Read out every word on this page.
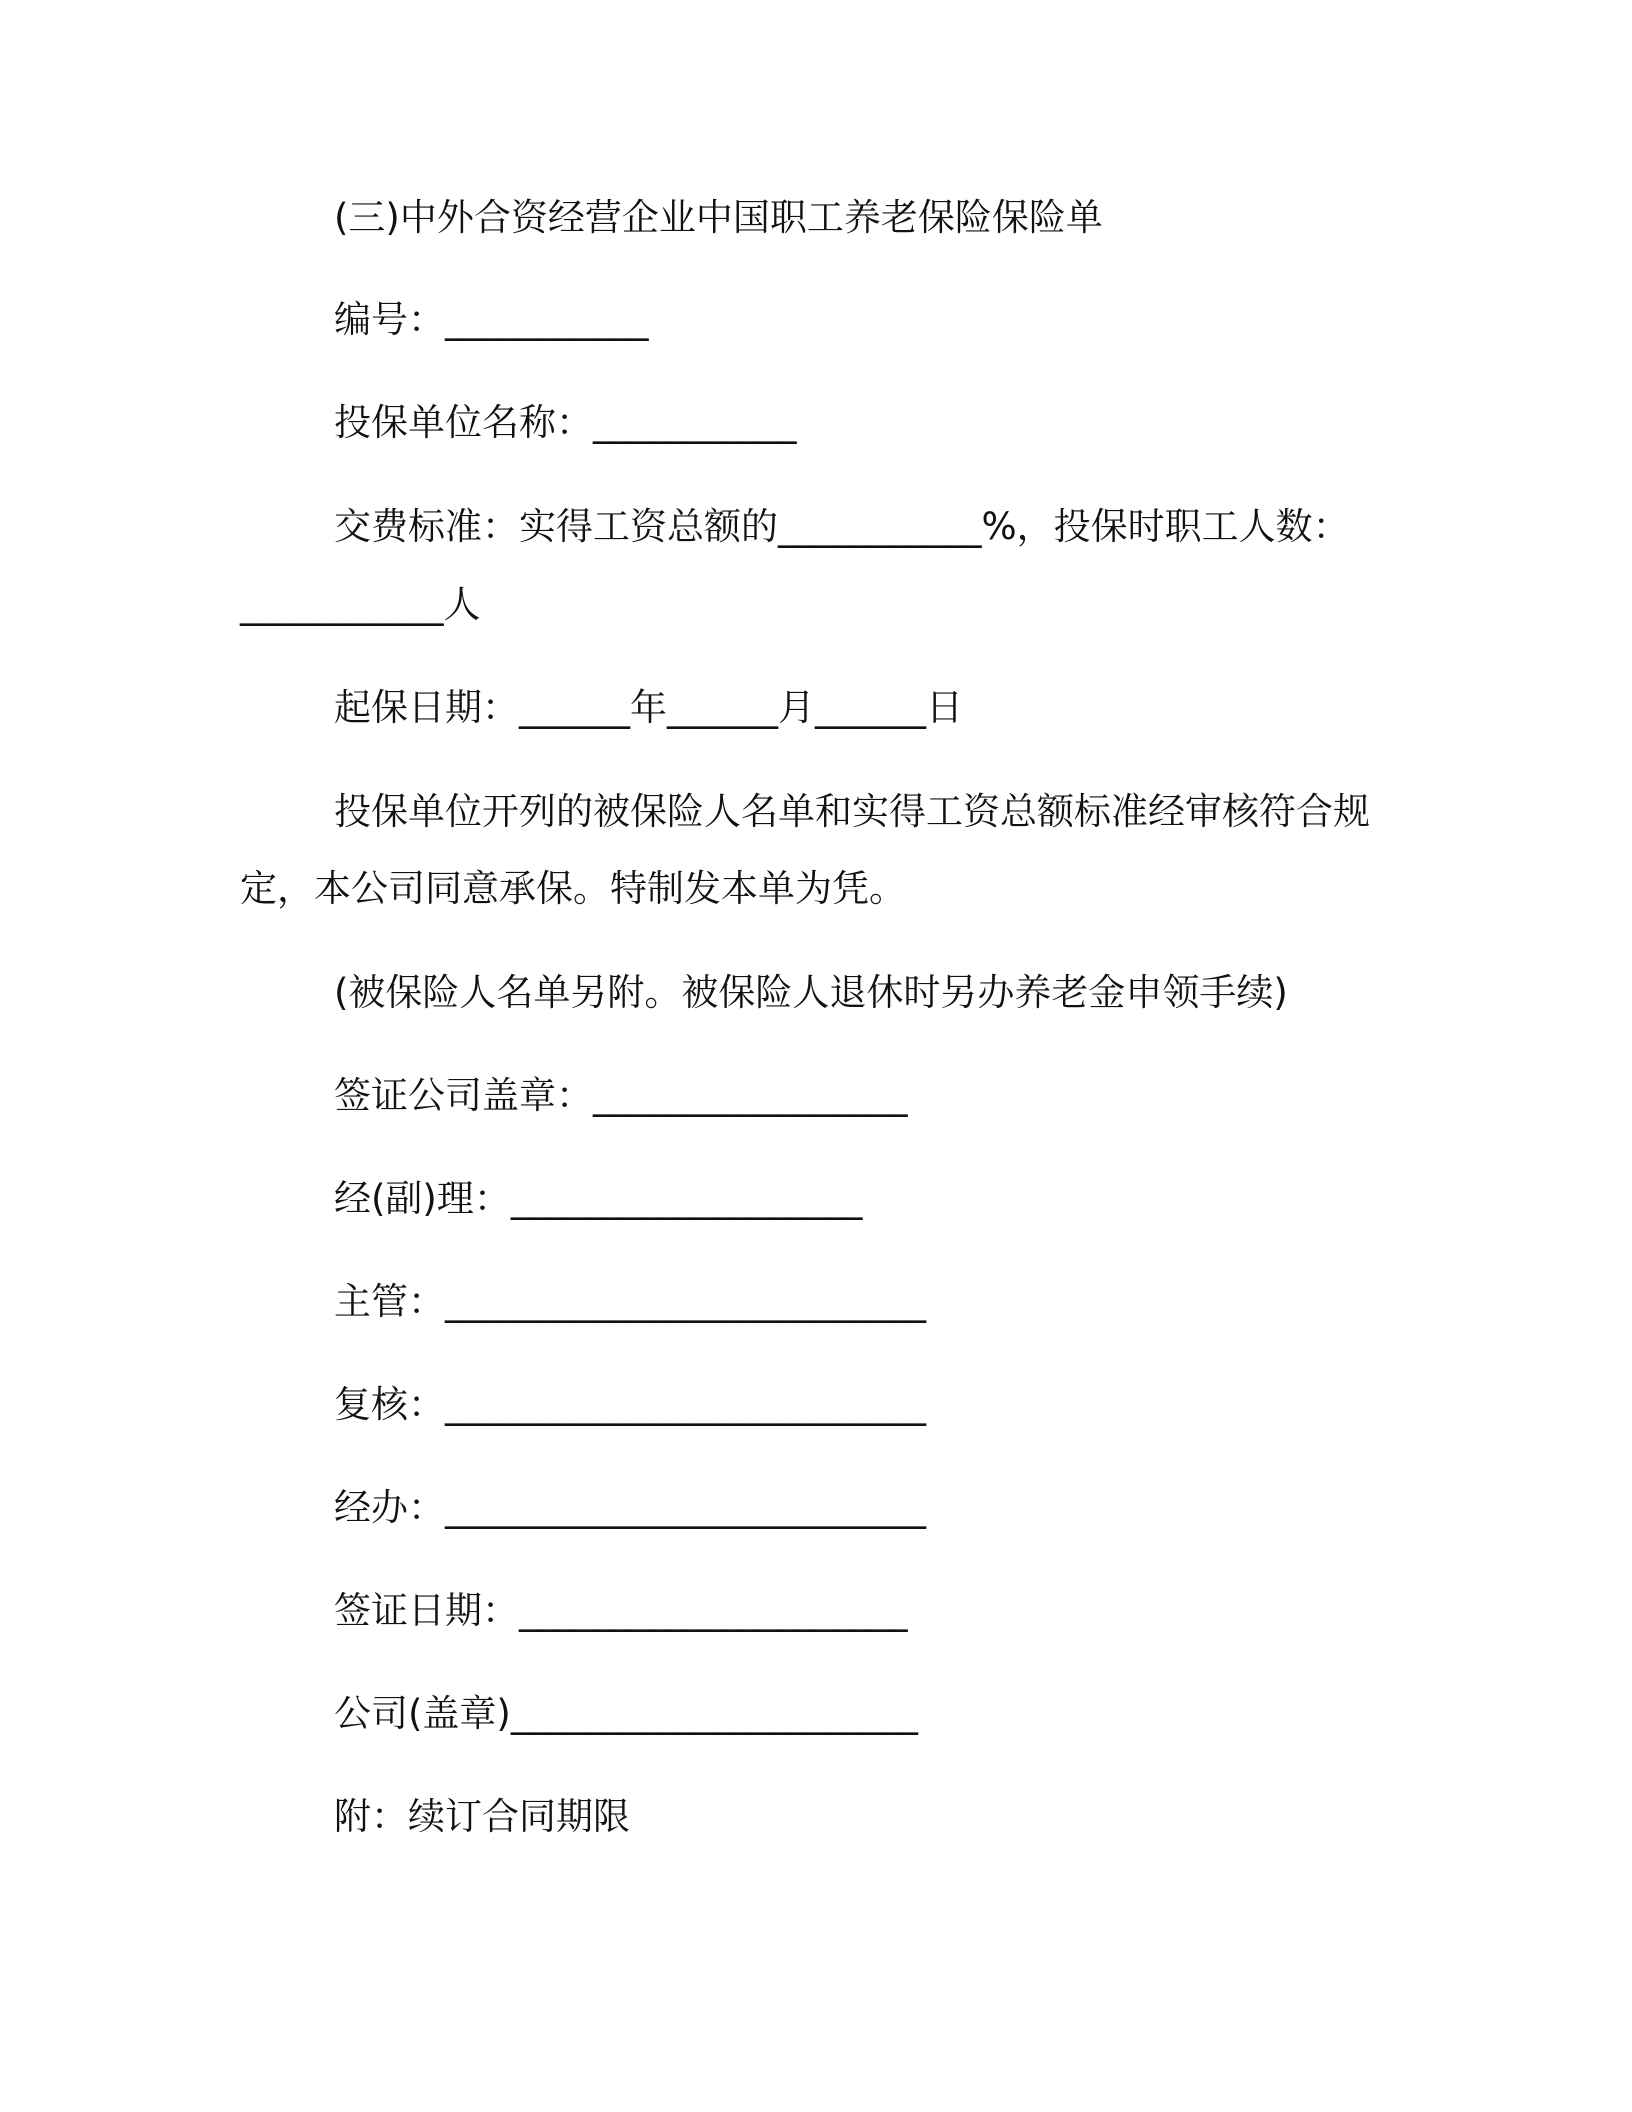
(三)中外合资经营企业中国职工养老保险保险单
编号：___________
投保单位名称：___________
交费标准：实得工资总额的___________%，投保时职工人数：
___________人
起保日期：______年______月______日
投保单位开列的被保险人名单和实得工资总额标准经审核符合规
定，本公司同意承保。特制发本单为凭。
(被保险人名单另附。被保险人退休时另办养老金申领手续)
签证公司盖章：_________________
经(副)理：___________________
主管：__________________________
复核：__________________________
经办：__________________________
签证日期：_____________________
公司(盖章)______________________
附：续订合同期限
